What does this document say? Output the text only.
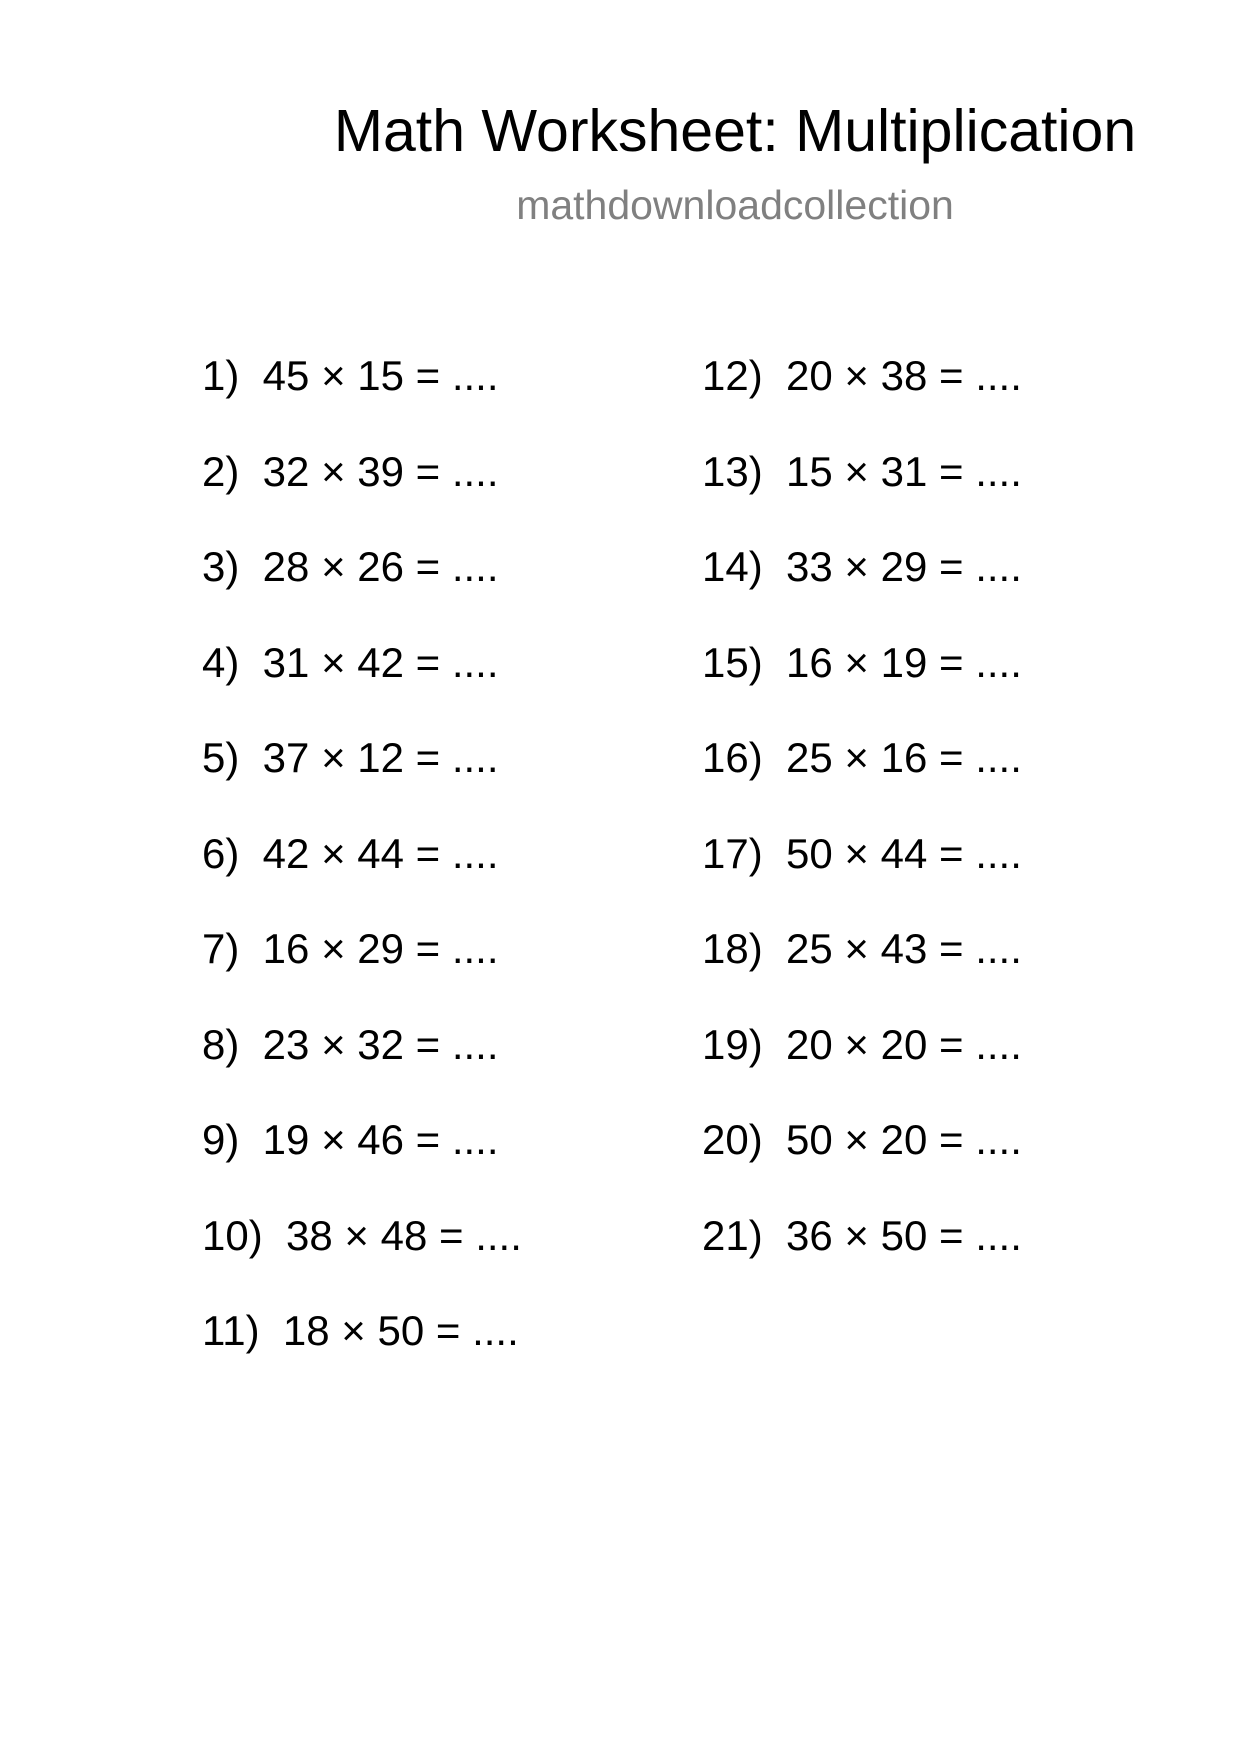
Math Worksheet: Multiplication
mathdownloadcollection
1)  45 × 15 = ....
2)  32 × 39 = ....
3)  28 × 26 = ....
4)  31 × 42 = ....
5)  37 × 12 = ....
6)  42 × 44 = ....
7)  16 × 29 = ....
8)  23 × 32 = ....
9)  19 × 46 = ....
10)  38 × 48 = ....
11)  18 × 50 = ....
12)  20 × 38 = ....
13)  15 × 31 = ....
14)  33 × 29 = ....
15)  16 × 19 = ....
16)  25 × 16 = ....
17)  50 × 44 = ....
18)  25 × 43 = ....
19)  20 × 20 = ....
20)  50 × 20 = ....
21)  36 × 50 = ....
